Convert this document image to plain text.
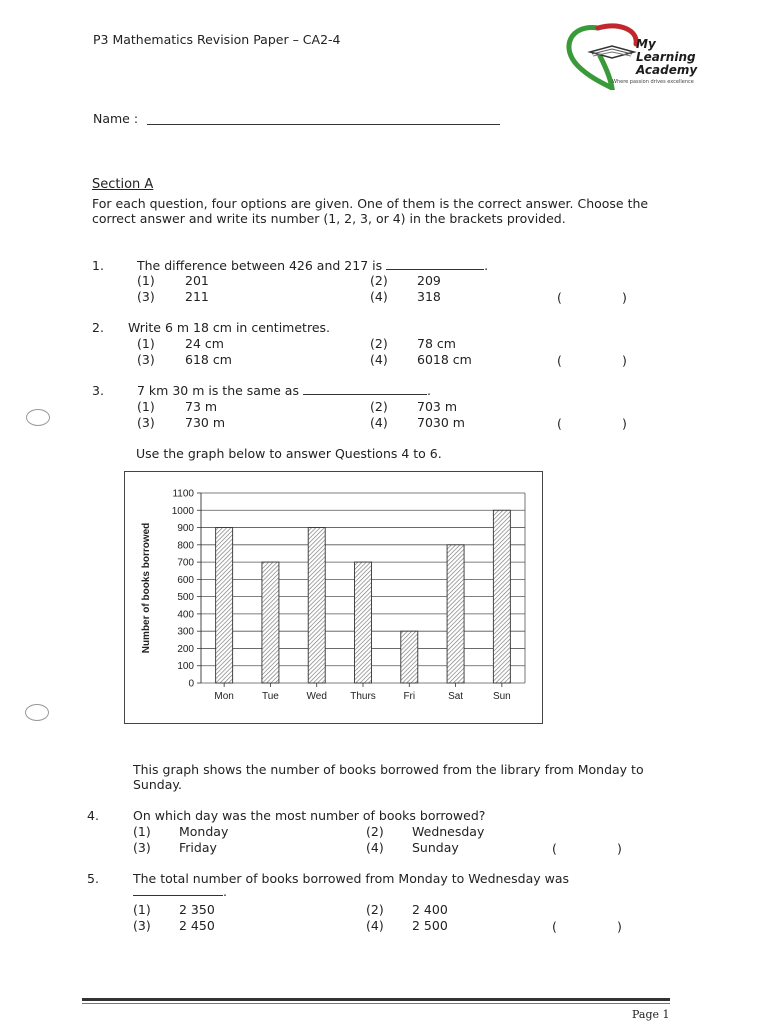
P3 Mathematics Revision Paper – CA2-4	My
Learning
Academy
Where passion drives excellence
Name :
Section A
For each question, four options are given. One of them is the correct answer. Choose the correct answer and write its number (1, 2, 3, or 4) in the brackets provided.
1.	The difference between 426 and 217 is	.
(1) 201	(2) 209
(3) 211	(4) 318	(	)
2. Write 6 m 18 cm in centimetres.
(1) 24 cm	(2) 78 cm
(3) 618 cm	(4) 6018 cm	(	)
3.	7 km 30 m is the same as	.
(1) 73 m	(2) 703 m
(3) 730 m	(4) 7030 m	(	)
Use the graph below to answer Questions 4 to 6.
0
100
200
300
400
500
600
700
800
900
1000
1100
Mon	Tue	Wed Thurs	Fri	Sat	Sun
Number of books borrowed
This graph shows the number of books borrowed from the library from Monday to Sunday.
4.	On which day was the most number of books borrowed?
(1) Monday	(2) Wednesday
(3) Friday	(4) Sunday	(	)
5.	The total number of books borrowed from Monday to Wednesday was
.
(1) 2 350	(2) 2 400
(3) 2 450	(4) 2 500	(	)
Page 1
